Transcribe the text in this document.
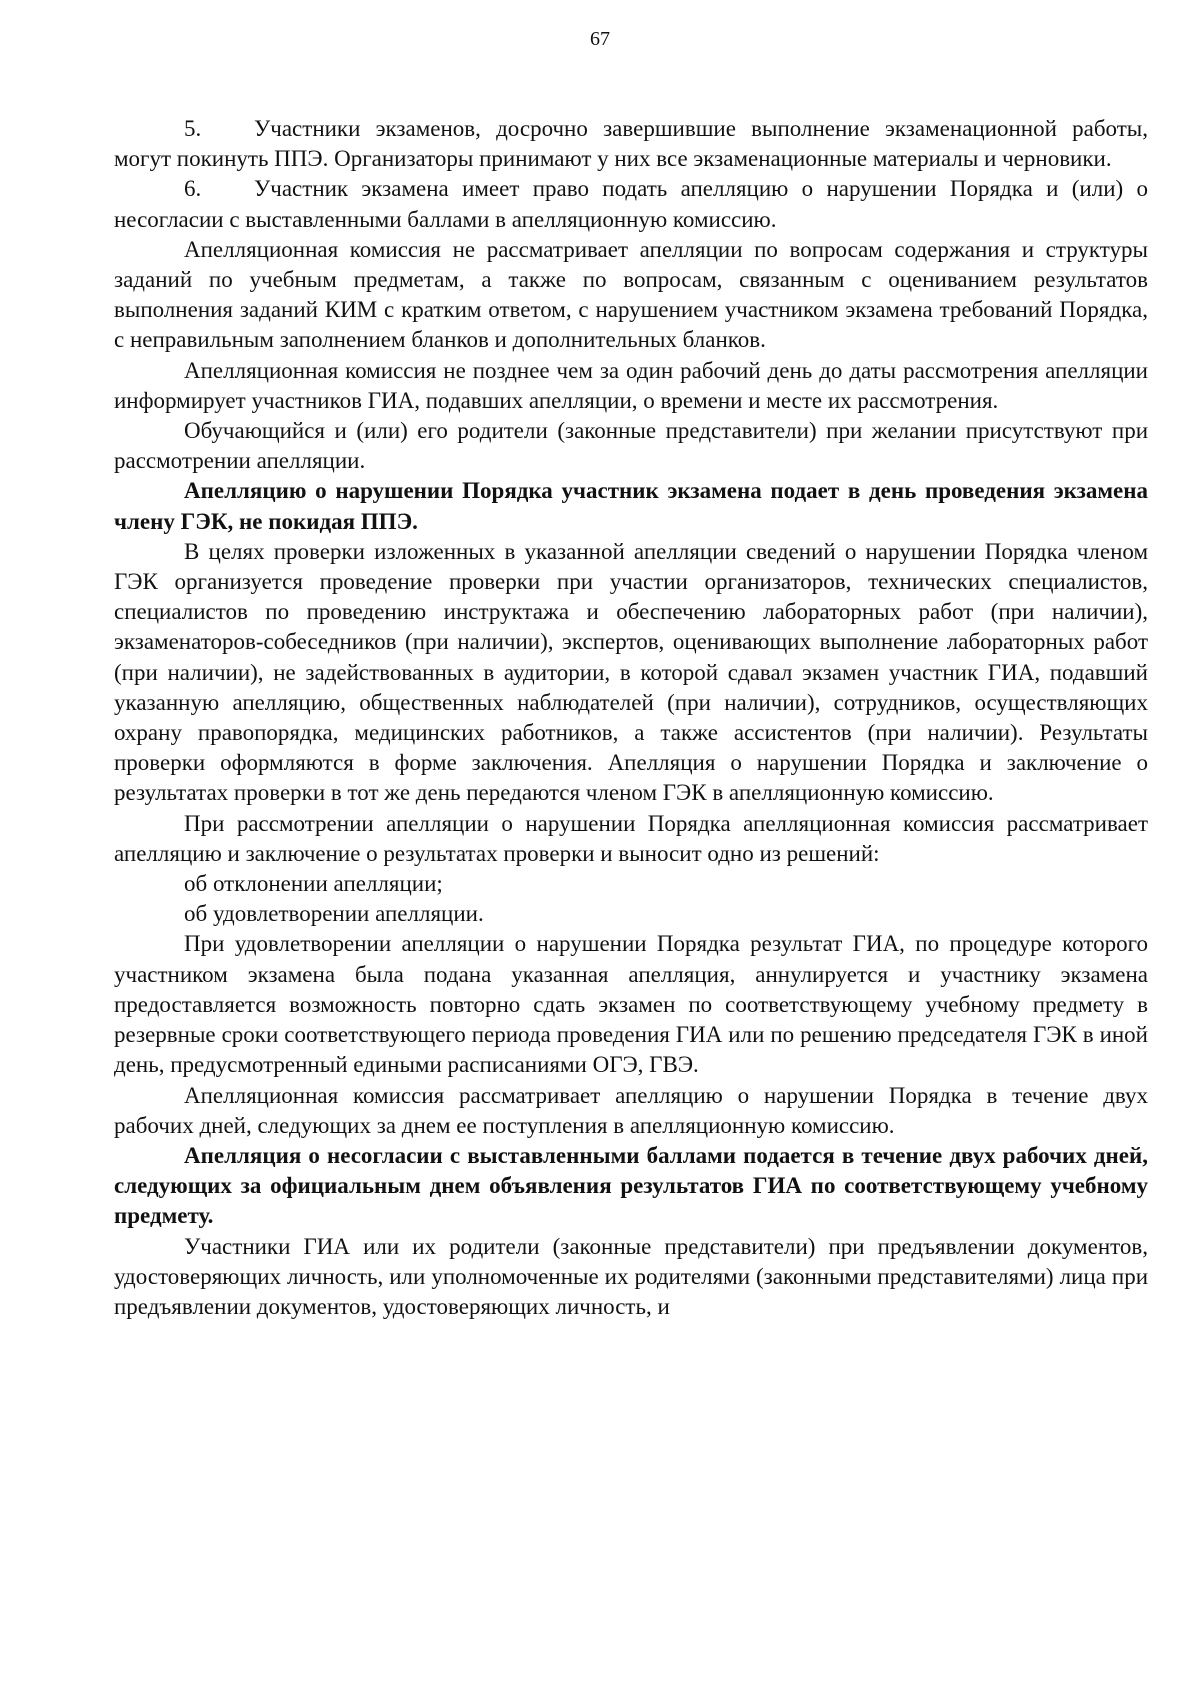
67

5. Участники экзаменов, досрочно завершившие выполнение экзаменационной работы, могут покинуть ППЭ. Организаторы принимают у них все экзаменационные материалы и черновики.

6. Участник экзамена имеет право подать апелляцию о нарушении Порядка и (или) о несогласии с выставленными баллами в апелляционную комиссию.

Апелляционная комиссия не рассматривает апелляции по вопросам содержания и структуры заданий по учебным предметам, а также по вопросам, связанным с оцениванием результатов выполнения заданий КИМ с кратким ответом, с нарушением участником экзамена требований Порядка, с неправильным заполнением бланков и дополнительных бланков.

Апелляционная комиссия не позднее чем за один рабочий день до даты рассмотрения апелляции информирует участников ГИА, подавших апелляции, о времени и месте их рассмотрения.

Обучающийся и (или) его родители (законные представители) при желании присутствуют при рассмотрении апелляции.

Апелляцию о нарушении Порядка участник экзамена подает в день проведения экзамена члену ГЭК, не покидая ППЭ.

В целях проверки изложенных в указанной апелляции сведений о нарушении Порядка членом ГЭК организуется проведение проверки при участии организаторов, технических специалистов, специалистов по проведению инструктажа и обеспечению лабораторных работ (при наличии), экзаменаторов-собеседников (при наличии), экспертов, оценивающих выполнение лабораторных работ (при наличии), не задействованных в аудитории, в которой сдавал экзамен участник ГИА, подавший указанную апелляцию, общественных наблюдателей (при наличии), сотрудников, осуществляющих охрану правопорядка, медицинских работников, а также ассистентов (при наличии). Результаты проверки оформляются в форме заключения. Апелляция о нарушении Порядка и заключение о результатах проверки в тот же день передаются членом ГЭК в апелляционную комиссию.

При рассмотрении апелляции о нарушении Порядка апелляционная комиссия рассматривает апелляцию и заключение о результатах проверки и выносит одно из решений:

об отклонении апелляции;

об удовлетворении апелляции.

При удовлетворении апелляции о нарушении Порядка результат ГИА, по процедуре которого участником экзамена была подана указанная апелляция, аннулируется и участнику экзамена предоставляется возможность повторно сдать экзамен по соответствующему учебному предмету в резервные сроки соответствующего периода проведения ГИА или по решению председателя ГЭК в иной день, предусмотренный едиными расписаниями ОГЭ, ГВЭ.

Апелляционная комиссия рассматривает апелляцию о нарушении Порядка в течение двух рабочих дней, следующих за днем ее поступления в апелляционную комиссию.

Апелляция о несогласии с выставленными баллами подается в течение двух рабочих дней, следующих за официальным днем объявления результатов ГИА по соответствующему учебному предмету.

Участники ГИА или их родители (законные представители) при предъявлении документов, удостоверяющих личность, или уполномоченные их родителями (законными представителями) лица при предъявлении документов, удостоверяющих личность, и
